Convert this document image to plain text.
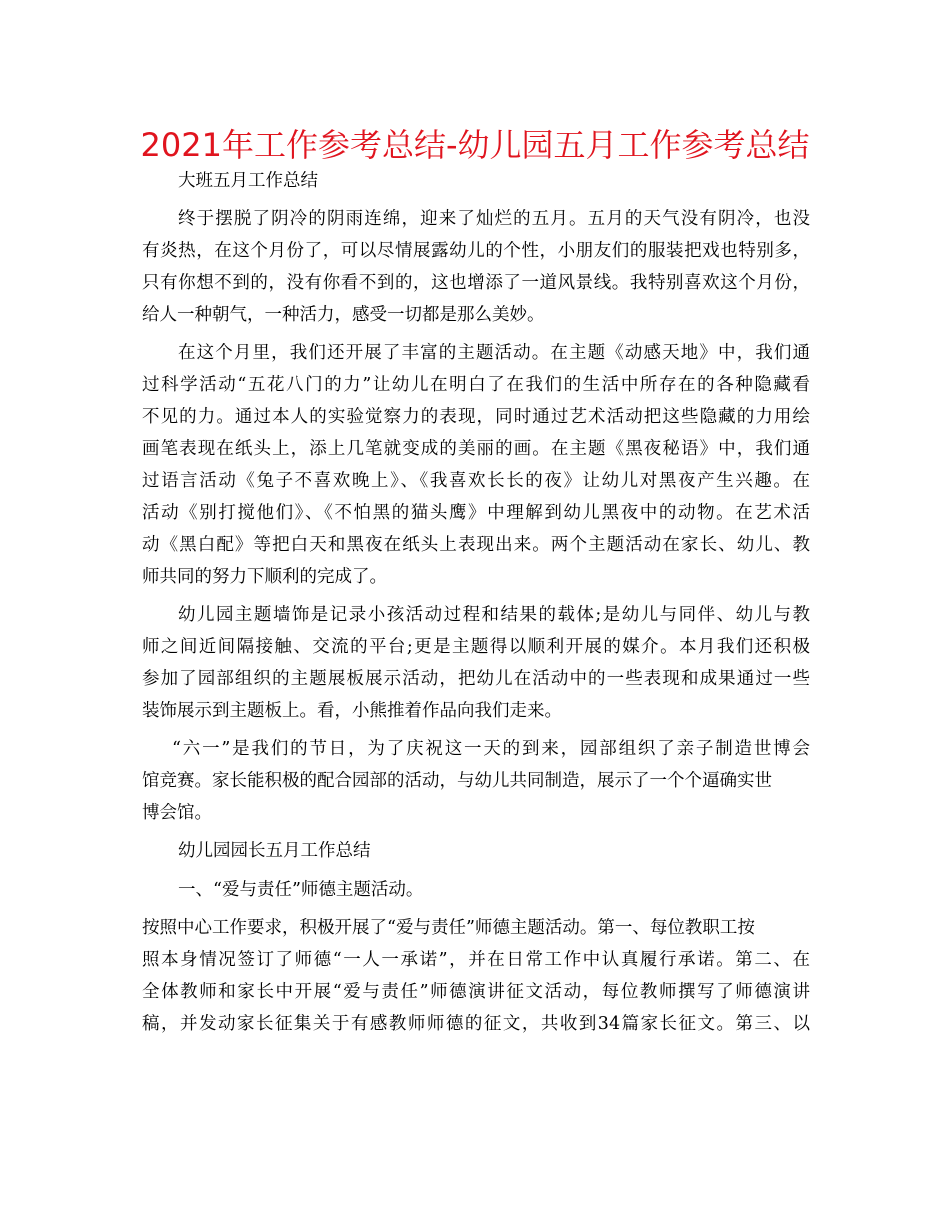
2021年工作参考总结-幼儿园五月工作参考总结
大班五月工作总结
终于摆脱了阴冷的阴雨连绵，迎来了灿烂的五月。五月的天气没有阴冷，也没
有炎热，在这个月份了，可以尽情展露幼儿的个性，小朋友们的服装把戏也特别多，
只有你想不到的，没有你看不到的，这也增添了一道风景线。我特别喜欢这个月份，
给人一种朝气，一种活力，感受一切都是那么美妙。
在这个月里，我们还开展了丰富的主题活动。在主题《动感天地》中，我们通
过科学活动“五花八门的力”让幼儿在明白了在我们的生活中所存在的各种隐藏看
不见的力。通过本人的实验觉察力的表现，同时通过艺术活动把这些隐藏的力用绘
画笔表现在纸头上，添上几笔就变成的美丽的画。在主题《黑夜秘语》中，我们通
过语言活动《兔子不喜欢晚上》、《我喜欢长长的夜》让幼儿对黑夜产生兴趣。在
活动《别打搅他们》、《不怕黑的猫头鹰》中理解到幼儿黑夜中的动物。在艺术活
动《黑白配》等把白天和黑夜在纸头上表现出来。两个主题活动在家长、幼儿、教
师共同的努力下顺利的完成了。
幼儿园主题墙饰是记录小孩活动过程和结果的载体;是幼儿与同伴、幼儿与教
师之间近间隔接触、交流的平台;更是主题得以顺利开展的媒介。本月我们还积极
参加了园部组织的主题展板展示活动，把幼儿在活动中的一些表现和成果通过一些
装饰展示到主题板上。看，小熊推着作品向我们走来。
“六一”是我们的节日，为了庆祝这一天的到来，园部组织了亲子制造世博会
馆竞赛。家长能积极的配合园部的活动，与幼儿共同制造，展示了一个个逼确实世
博会馆。
幼儿园园长五月工作总结
一、“爱与责任”师德主题活动。
按照中心工作要求，积极开展了“爱与责任”师德主题活动。第一、每位教职工按
照本身情况签订了师德“一人一承诺”，并在日常工作中认真履行承诺。第二、在
全体教师和家长中开展“爱与责任”师德演讲征文活动，每位教师撰写了师德演讲
稿，并发动家长征集关于有感教师师德的征文，共收到34篇家长征文。第三、以
